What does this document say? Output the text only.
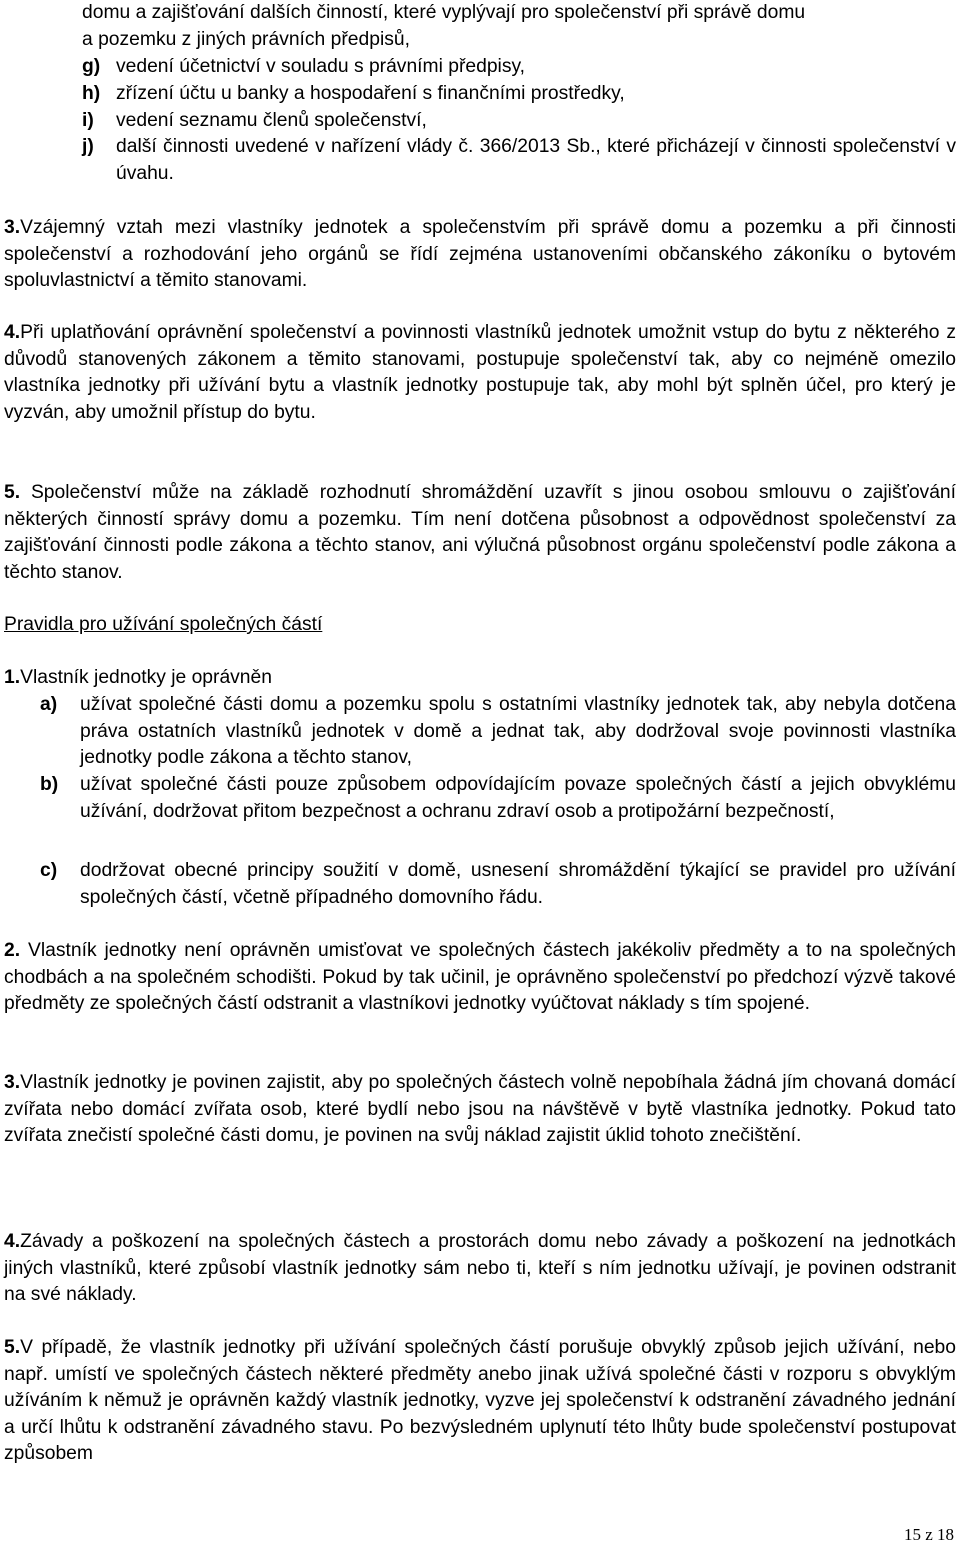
domu a zajišťování dalších činností, které vyplývají pro společenství při správě domu
a pozemku z jiných právních předpisů,
g) vedení účetnictví v souladu s právními předpisy,
h) zřízení účtu u banky a hospodaření s finančními prostředky,
i) vedení seznamu členů společenství,
j) další činnosti uvedené v nařízení vlády č. 366/2013 Sb., které přicházejí v činnosti společenství v úvahu.
3.Vzájemný vztah mezi vlastníky jednotek a společenstvím při správě domu a pozemku a při činnosti společenství a rozhodování jeho orgánů se řídí zejména ustanoveními občanského zákoníku o bytovém spoluvlastnictví a těmito stanovami.
4.Při uplatňování oprávnění společenství a povinnosti vlastníků jednotek umožnit vstup do bytu z některého z důvodů stanovených zákonem a těmito stanovami, postupuje společenství tak, aby co nejméně omezilo vlastníka jednotky při užívání bytu a vlastník jednotky postupuje tak, aby mohl být splněn účel, pro který je vyzván, aby umožnil přístup do bytu.
5. Společenství může na základě rozhodnutí shromáždění uzavřít s jinou osobou smlouvu o zajišťování některých činností správy domu a pozemku. Tím není dotčena působnost a odpovědnost společenství za zajišťování činnosti podle zákona a těchto stanov, ani výlučná působnost orgánu společenství podle zákona a těchto stanov.
Pravidla pro užívání společných částí
1.Vlastník jednotky je oprávněn
a) užívat společné části domu a pozemku spolu s ostatními vlastníky jednotek tak, aby nebyla dotčena práva ostatních vlastníků jednotek v domě a jednat tak, aby dodržoval svoje povinnosti vlastníka jednotky podle zákona a těchto stanov,
b) užívat společné části pouze způsobem odpovídajícím povaze společných částí a jejich obvyklému užívání, dodržovat přitom bezpečnost a ochranu zdraví osob a protipožární bezpečností,
c) dodržovat obecné principy soužití v domě, usnesení shromáždění týkající se pravidel pro užívání společných částí, včetně případného domovního řádu.
2. Vlastník jednotky není oprávněn umisťovat ve společných částech jakékoliv předměty a to na společných chodbách a na společném schodišti. Pokud by tak učinil, je oprávněno společenství po předchozí výzvě takové předměty ze společných částí odstranit a vlastníkovi jednotky vyúčtovat náklady s tím spojené.
3.Vlastník jednotky je povinen zajistit, aby po společných částech volně nepobíhala žádná jím chovaná domácí zvířata nebo domácí zvířata osob, které bydlí nebo jsou na návštěvě v bytě vlastníka jednotky. Pokud tato zvířata znečistí společné části domu, je povinen na svůj náklad zajistit úklid tohoto znečištění.
4.Závady a poškození na společných částech a prostorách domu nebo závady a poškození na jednotkách jiných vlastníků, které způsobí vlastník jednotky sám nebo ti, kteří s ním jednotku užívají, je povinen odstranit na své náklady.
5.V případě, že vlastník jednotky při užívání společných částí porušuje obvyklý způsob jejich užívání, nebo např. umístí ve společných částech některé předměty anebo jinak užívá společné části v rozporu s obvyklým užíváním k němuž je oprávněn každý vlastník jednotky, vyzve jej společenství k odstranění závadného jednání a určí lhůtu k odstranění závadného stavu. Po bezvýsledném uplynutí této lhůty bude společenství postupovat způsobem
15 z 18
